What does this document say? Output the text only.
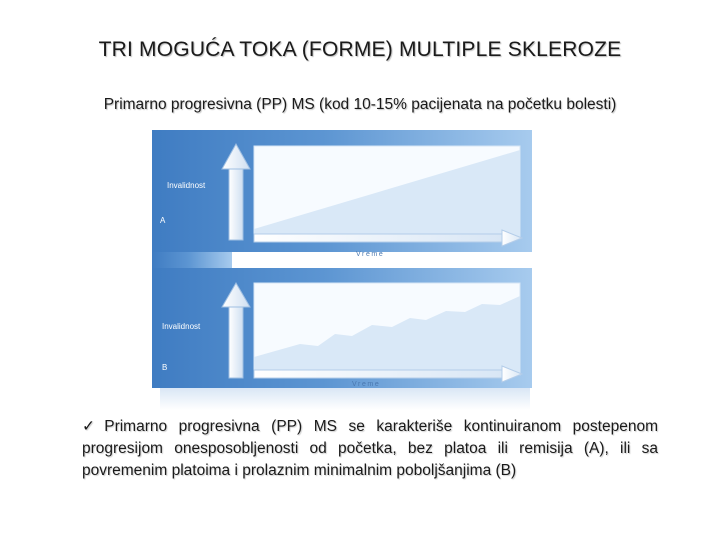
TRI MOGUĆA TOKA (FORME) MULTIPLE SKLEROZE
Primarno progresivna (PP) MS (kod 10-15% pacijenata na početku bolesti)
Invalidnost
A
Vreme
Invalidnost
B
Vreme
✓ Primarno progresivna (PP) MS se karakteriše kontinuiranom postepenom progresijom onesposobljenosti od početka, bez platoa ili remisija (A), ili sa povremenim platoima i prolaznim minimalnim poboljšanjima (B)
